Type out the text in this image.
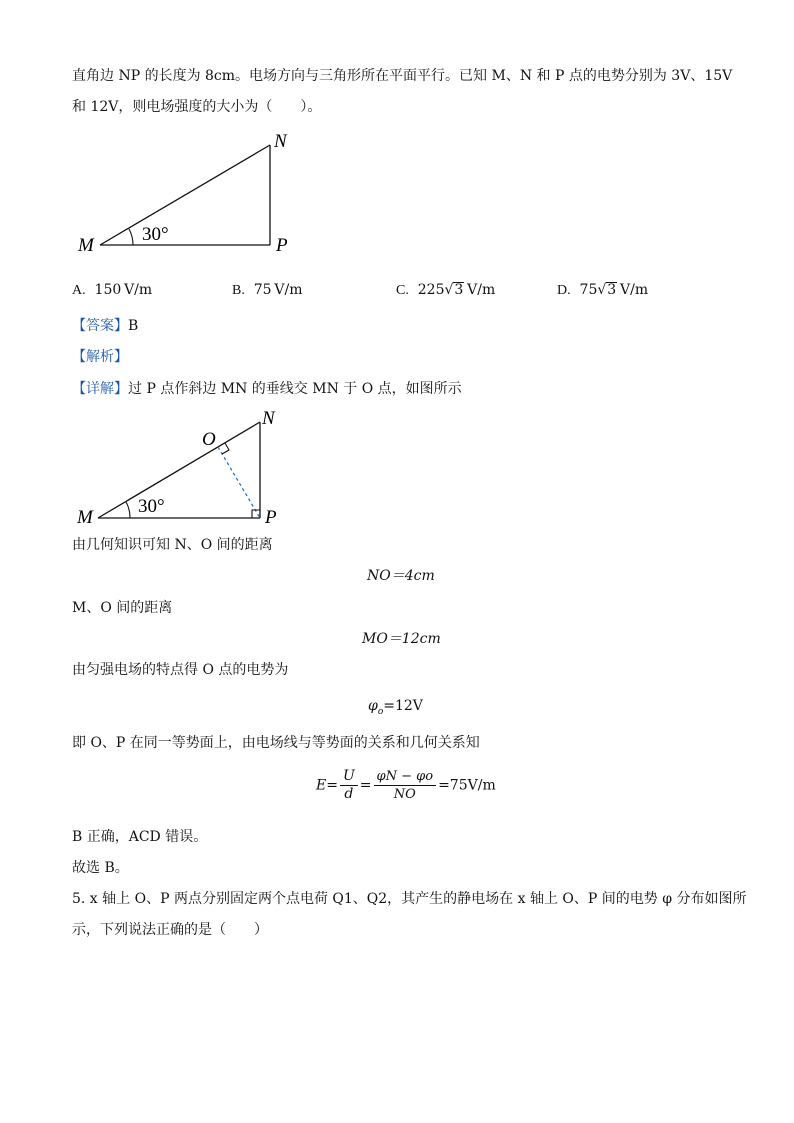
直角边 NP 的长度为 8cm。电场方向与三角形所在平面平行。已知 M、N 和 P 点的电势分别为 3V、15V
和 12V，则电场强度的大小为（　　）。
M
N
P
30°
A. 150  V/m	B. 75  V/m	C. 225√3  V/m	D. 75√3  V/m
【答案】B
【解析】
【详解】过 P 点作斜边 MN 的垂线交 MN 于 O 点，如图所示
M
N
P
O
30°
由几何知识可知 N、O 间的距离
NO＝4cm
M、O 间的距离
MO＝12cm
由匀强电场的特点得 O 点的电势为
$\varphi_o=12V$
即 O、P 在同一等势面上，由电场线与等势面的关系和几何关系知
$E= \frac{U}{d} = \frac{\varphi N - \varphi o}{NO} =75V/m$
B 正确，ACD 错误。
故选 B。
5. x 轴上 O、P 两点分别固定两个点电荷 Q1、Q2，其产生的静电场在 x 轴上 O、P 间的电势 φ 分布如图所
示，下列说法正确的是（　　）
